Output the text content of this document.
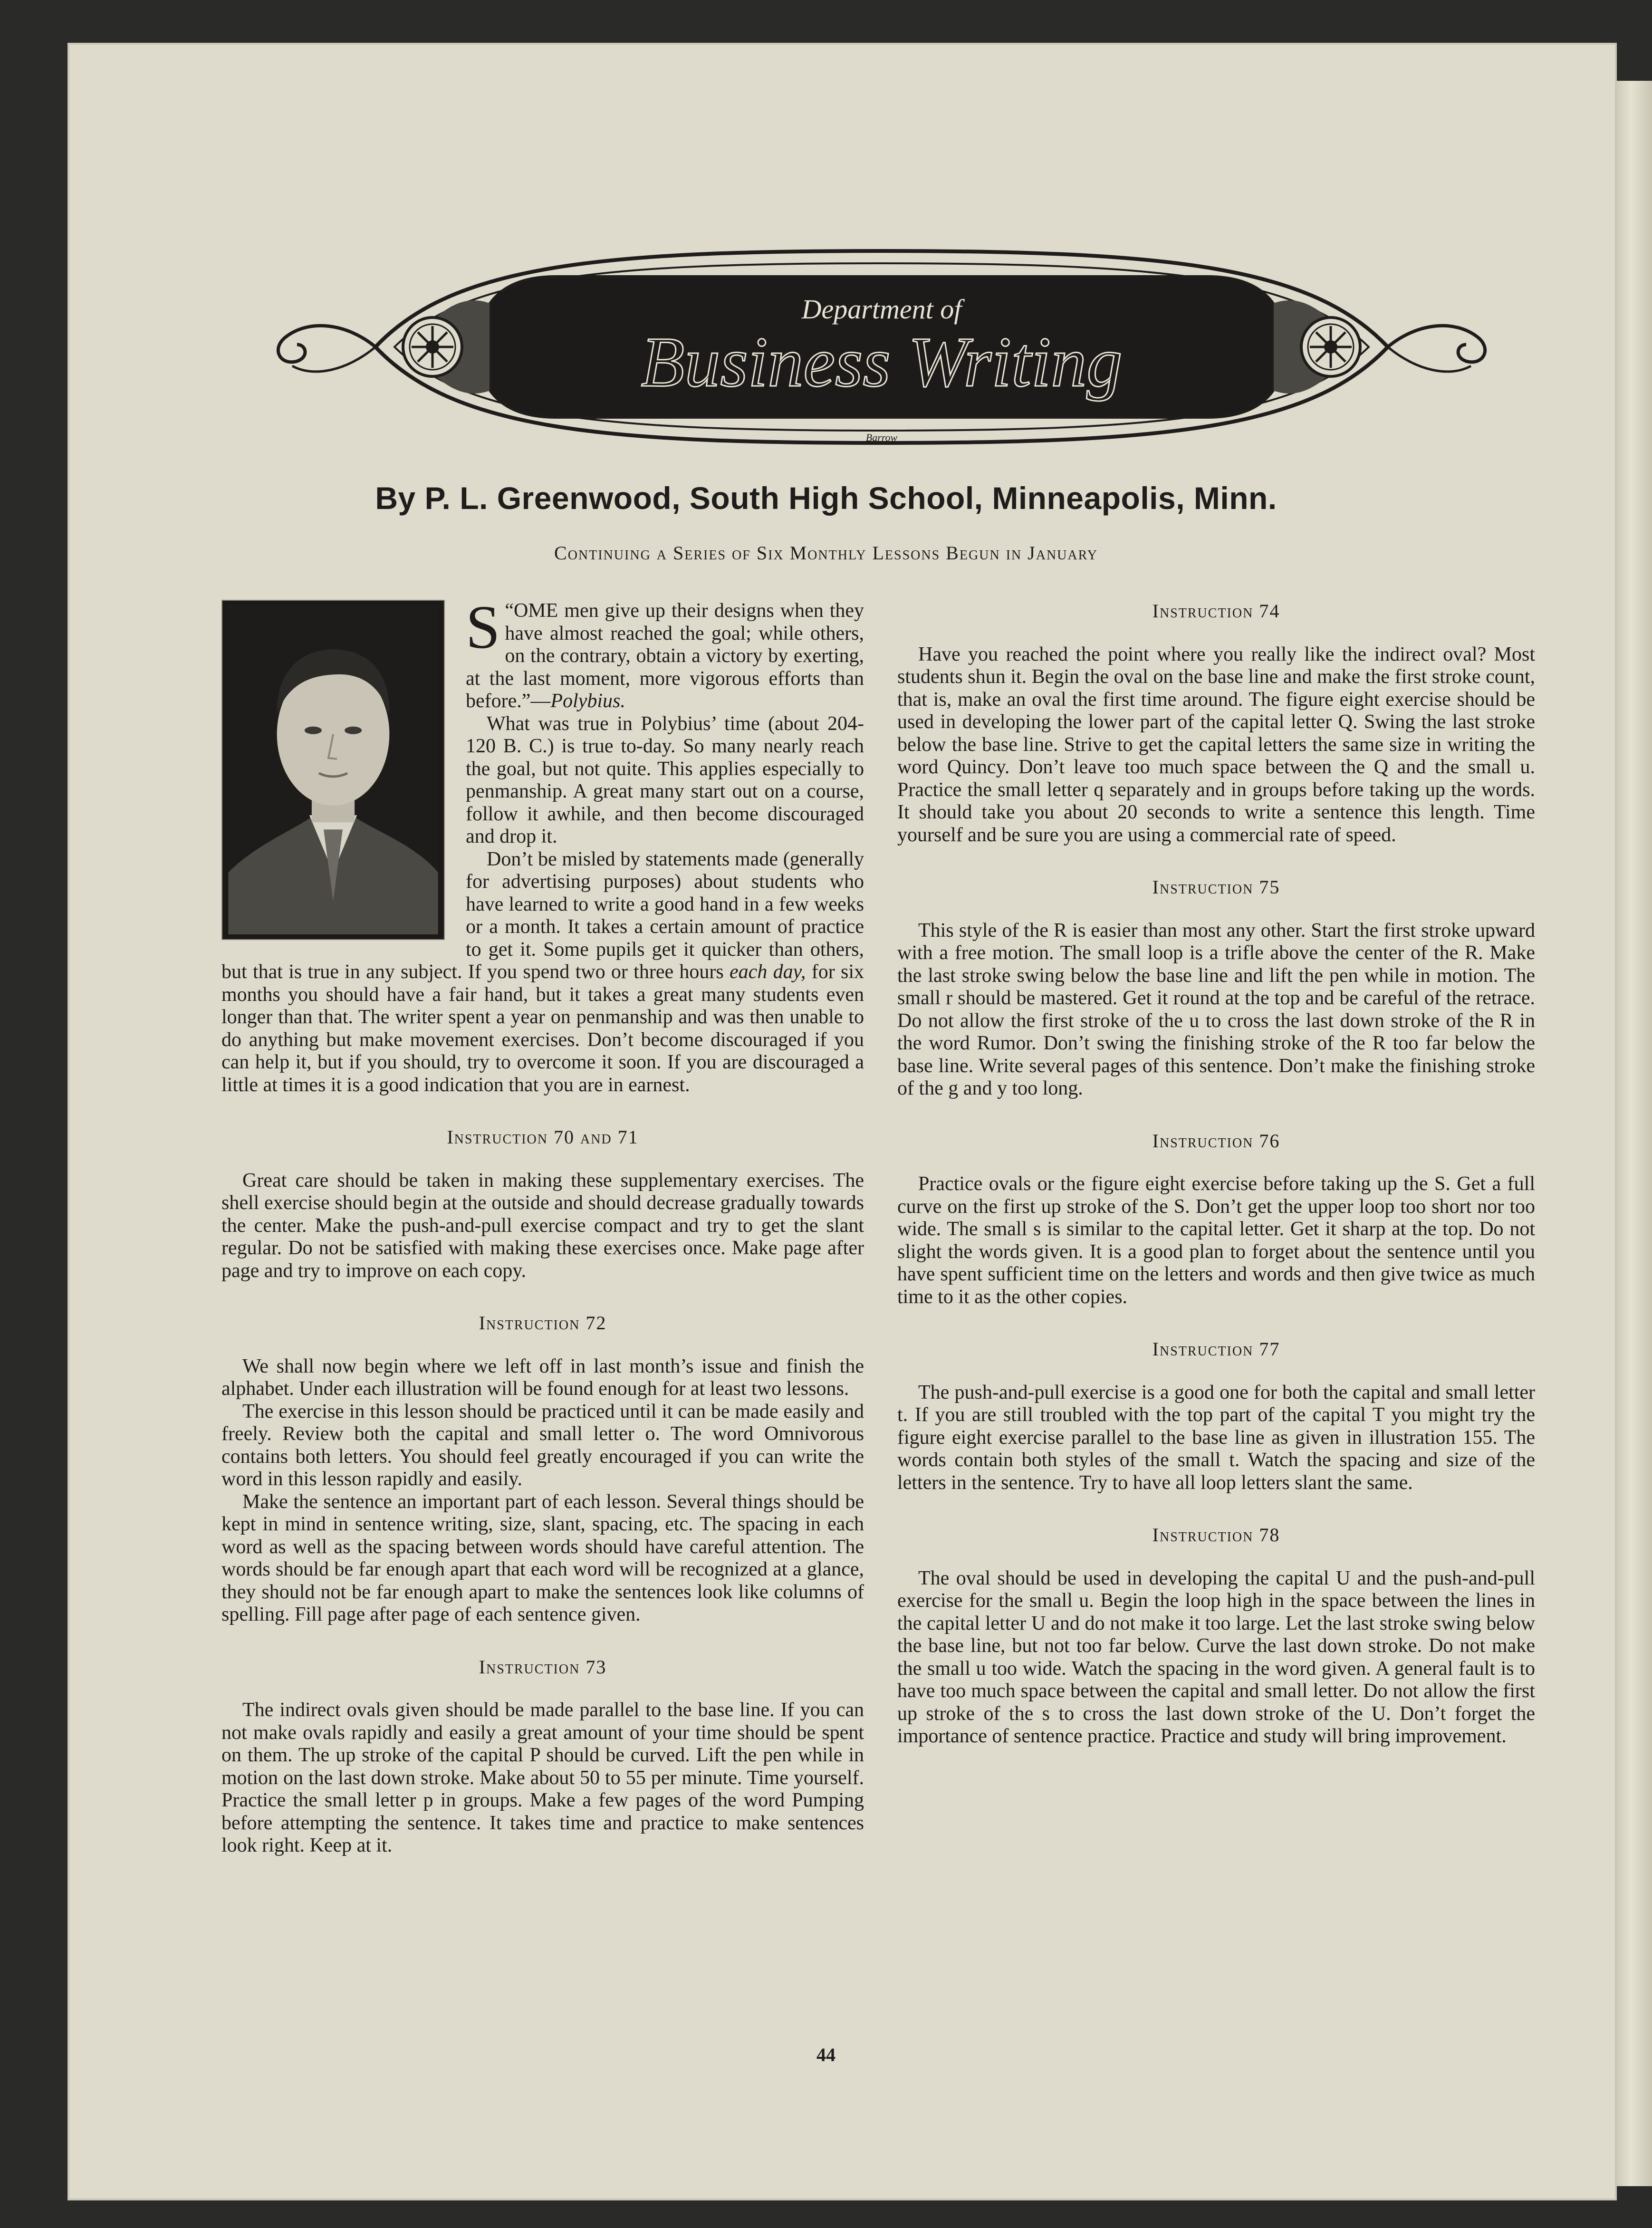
Department of
Business Writing
Barrow
By P. L. Greenwood, South High School, Minneapolis, Minn.
Continuing a Series of Six Monthly Lessons Begun in January

“
S OME men give up their designs when they have almost reached the goal; while others, on the contrary, obtain a victory by exerting, at the last moment, more vigorous efforts than before.”—Polybius.

What was true in Polybius’ time (about 204-120 B. C.) is true to-day. So many nearly reach the goal, but not quite. This applies especially to penmanship. A great many start out on a course, follow it awhile, and then become discouraged and drop it.

Don’t be misled by statements made (generally for advertising purposes) about students who have learned to write a good hand in a few weeks or a month. It takes a certain amount of practice to get it. Some pupils get it quicker than others, but that is true in any subject. If you spend two or three hours each day, for six months you should have a fair hand, but it takes a great many students even longer than that. The writer spent a year on penmanship and was then unable to do anything but make movement exercises. Don’t become discouraged if you can help it, but if you should, try to overcome it soon. If you are discouraged a little at times it is a good indication that you are in earnest.

Instruction 70 and 71

Great care should be taken in making these supplementary exercises. The shell exercise should begin at the outside and should decrease gradually towards the center. Make the push-and-pull exercise compact and try to get the slant regular. Do not be satisfied with making these exercises once. Make page after page and try to improve on each copy.

Instruction 72

We shall now begin where we left off in last month’s issue and finish the alphabet. Under each illustration will be found enough for at least two lessons.

The exercise in this lesson should be practiced until it can be made easily and freely. Review both the capital and small letter o. The word Omnivorous contains both letters. You should feel greatly encouraged if you can write the word in this lesson rapidly and easily.

Make the sentence an important part of each lesson. Several things should be kept in mind in sentence writing, size, slant, spacing, etc. The spacing in each word as well as the spacing between words should have careful attention. The words should be far enough apart that each word will be recognized at a glance, they should not be far enough apart to make the sentences look like columns of spelling. Fill page after page of each sentence given.

Instruction 73

The indirect ovals given should be made parallel to the base line. If you can not make ovals rapidly and easily a great amount of your time should be spent on them. The up stroke of the capital P should be curved. Lift the pen while in motion on the last down stroke. Make about 50 to 55 per minute. Time yourself. Practice the small letter p in groups. Make a few pages of the word Pumping before attempting the sentence. It takes time and practice to make sentences look right. Keep at it.

Instruction 74

Have you reached the point where you really like the indirect oval? Most students shun it. Begin the oval on the base line and make the first stroke count, that is, make an oval the first time around. The figure eight exercise should be used in developing the lower part of the capital letter Q. Swing the last stroke below the base line. Strive to get the capital letters the same size in writing the word Quincy. Don’t leave too much space between the Q and the small u. Practice the small letter q separately and in groups before taking up the words. It should take you about 20 seconds to write a sentence this length. Time yourself and be sure you are using a commercial rate of speed.

Instruction 75

This style of the R is easier than most any other. Start the first stroke upward with a free motion. The small loop is a trifle above the center of the R. Make the last stroke swing below the base line and lift the pen while in motion. The small r should be mastered. Get it round at the top and be careful of the retrace. Do not allow the first stroke of the u to cross the last down stroke of the R in the word Rumor. Don’t swing the finishing stroke of the R too far below the base line. Write several pages of this sentence. Don’t make the finishing stroke of the g and y too long.

Instruction 76

Practice ovals or the figure eight exercise before taking up the S. Get a full curve on the first up stroke of the S. Don’t get the upper loop too short nor too wide. The small s is similar to the capital letter. Get it sharp at the top. Do not slight the words given. It is a good plan to forget about the sentence until you have spent sufficient time on the letters and words and then give twice as much time to it as the other copies.

Instruction 77

The push-and-pull exercise is a good one for both the capital and small letter t. If you are still troubled with the top part of the capital T you might try the figure eight exercise parallel to the base line as given in illustration 155. The words contain both styles of the small t. Watch the spacing and size of the letters in the sentence. Try to have all loop letters slant the same.

Instruction 78

The oval should be used in developing the capital U and the push-and-pull exercise for the small u. Begin the loop high in the space between the lines in the capital letter U and do not make it too large. Let the last stroke swing below the base line, but not too far below. Curve the last down stroke. Do not make the small u too wide. Watch the spacing in the word given. A general fault is to have too much space between the capital and small letter. Do not allow the first up stroke of the s to cross the last down stroke of the U. Don’t forget the importance of sentence practice. Practice and study will bring improvement.

44
